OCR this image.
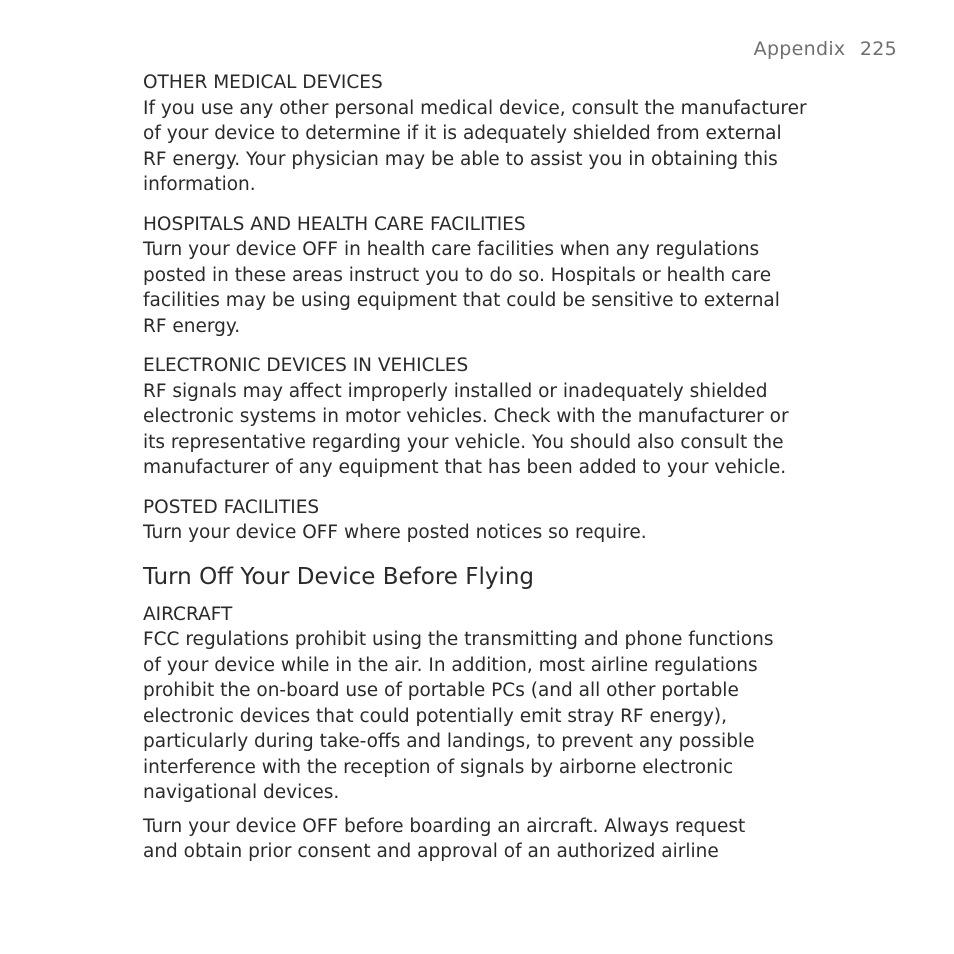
Appendix 225
OTHER MEDICAL DEVICES
If you use any other personal medical device, consult the manufacturer
of your device to determine if it is adequately shielded from external
RF energy. Your physician may be able to assist you in obtaining this
information.
HOSPITALS AND HEALTH CARE FACILITIES
Turn your device OFF in health care facilities when any regulations
posted in these areas instruct you to do so. Hospitals or health care
facilities may be using equipment that could be sensitive to external
RF energy.
ELECTRONIC DEVICES IN VEHICLES
RF signals may affect improperly installed or inadequately shielded
electronic systems in motor vehicles. Check with the manufacturer or
its representative regarding your vehicle. You should also consult the
manufacturer of any equipment that has been added to your vehicle.
POSTED FACILITIES
Turn your device OFF where posted notices so require.
Turn Off Your Device Before Flying
AIRCRAFT
FCC regulations prohibit using the transmitting and phone functions
of your device while in the air. In addition, most airline regulations
prohibit the on-board use of portable PCs (and all other portable
electronic devices that could potentially emit stray RF energy),
particularly during take-offs and landings, to prevent any possible
interference with the reception of signals by airborne electronic
navigational devices.
Turn your device OFF before boarding an aircraft. Always request
and obtain prior consent and approval of an authorized airline
